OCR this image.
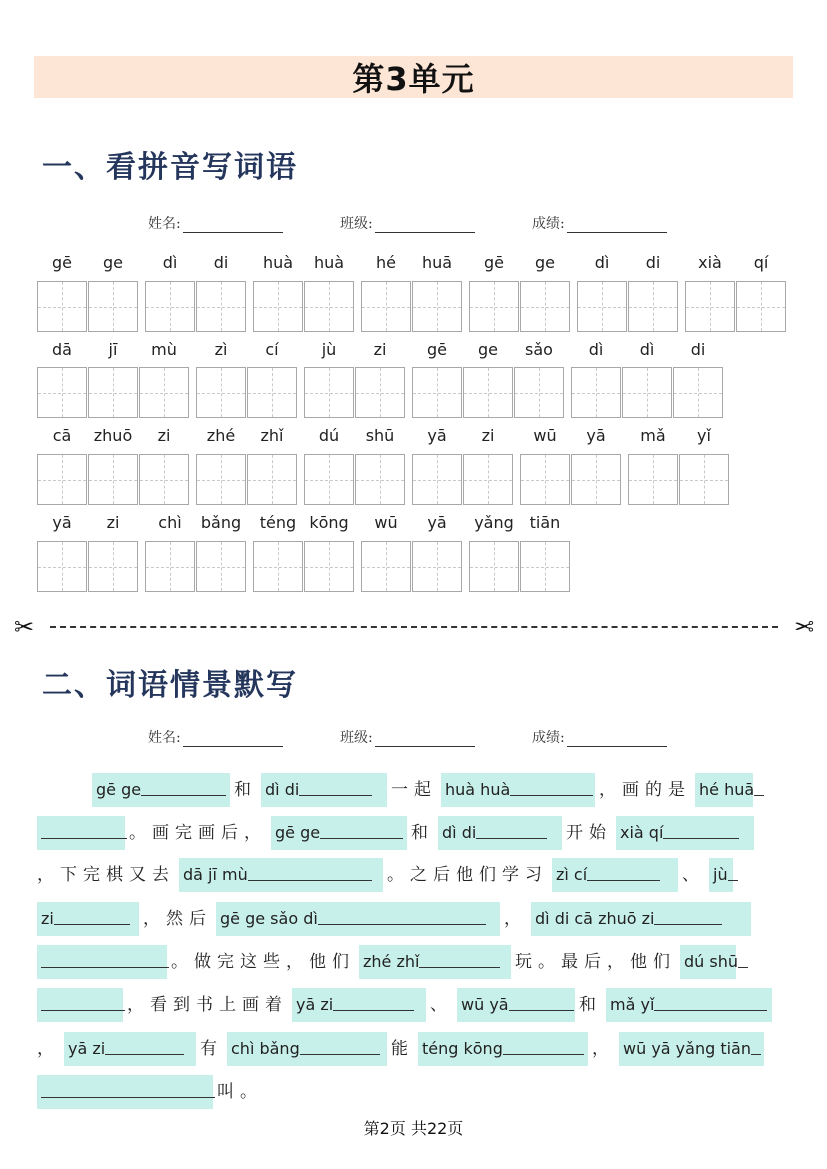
第3单元
一、看拼音写词语
姓名:	班级:	成绩:
gē	ge	dì	di	huà	huà	hé	huā	gē	ge	dì	di	xià	qí
dā	jī	mù	zì	cí	jù	zi	gē	ge	sǎo	dì	dì	di
cā	zhuō	zi	zhé	zhǐ	dú	shū	yā	zi	wū	yā	mǎ	yǐ
yā	zi	chì	bǎng	téng kōng	wū	yā	yǎng tiān
✂	✂
二、词语情景默写
姓名:	班级:	成绩:
gē ge	和 dì di	一起 huà huà	，画的是 hé huā
。画完画后， gē ge	和 dì di	开始 xià qí
，下完棋又去 dā jī mù	。之后他们学习 zì cí	、 jù
zi	，然后 gē ge sǎo dì	， dì di cā zhuō zi
。做完这些，他们 zhé zhǐ	玩。最后，他们 dú shū
，看到书上画着 yā zi	、 wū yā	和 mǎ yǐ
， yā zi	有 chì bǎng	能 téng kōng	， wū yā yǎng tiān
叫。
第2页 共22页
